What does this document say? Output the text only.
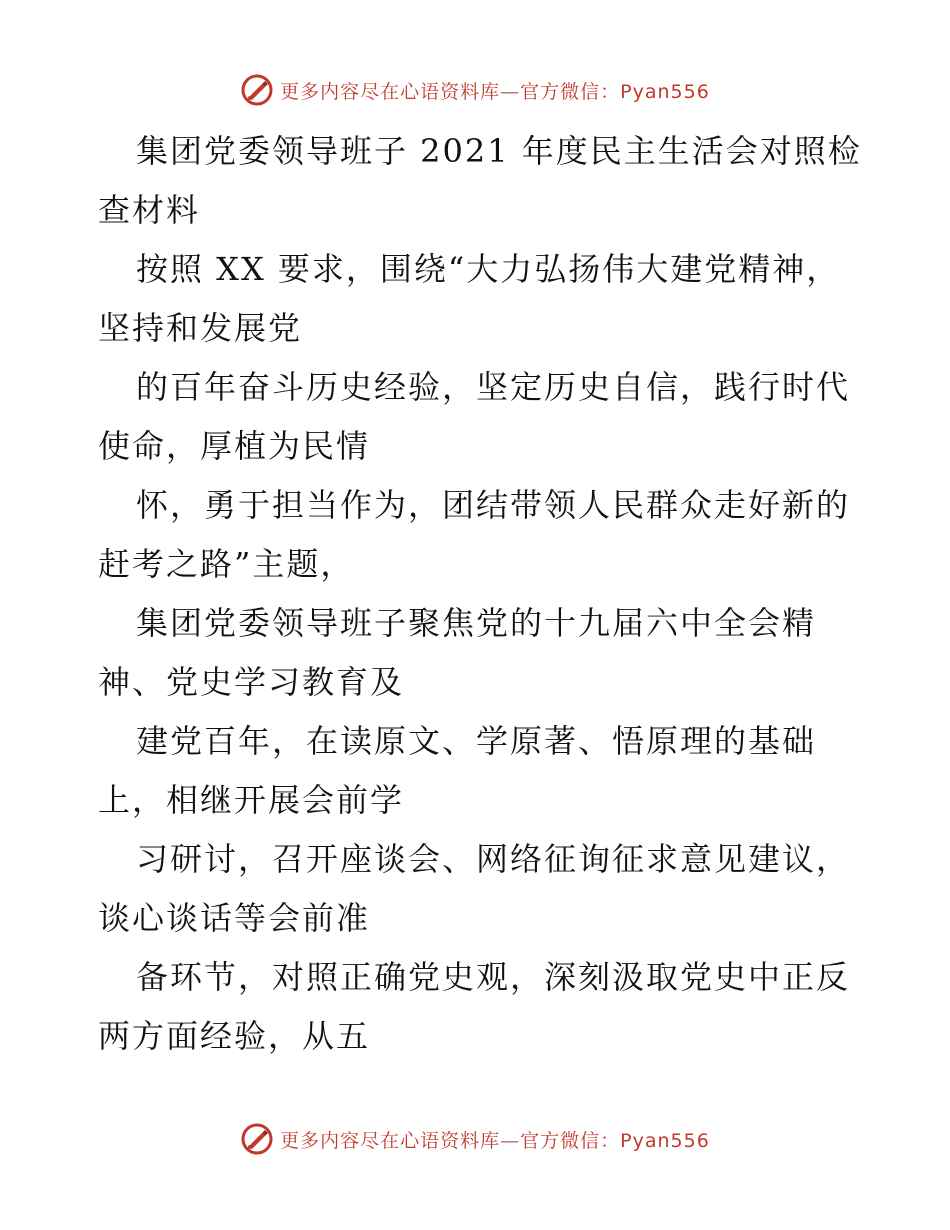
更多内容尽在心语资料库—官方微信：Pyan556
集团党委领导班子 2021 年度民主生活会对照检
查材料
按照 XX 要求，围绕“大力弘扬伟大建党精神，
坚持和发展党
的百年奋斗历史经验，坚定历史自信，践行时代
使命，厚植为民情
怀，勇于担当作为，团结带领人民群众走好新的
赶考之路”主题，
集团党委领导班子聚焦党的十九届六中全会精
神、党史学习教育及
建党百年，在读原文、学原著、悟原理的基础
上，相继开展会前学
习研讨，召开座谈会、网络征询征求意见建议，
谈心谈话等会前准
备环节，对照正确党史观，深刻汲取党史中正反
两方面经验，从五
更多内容尽在心语资料库—官方微信：Pyan556
